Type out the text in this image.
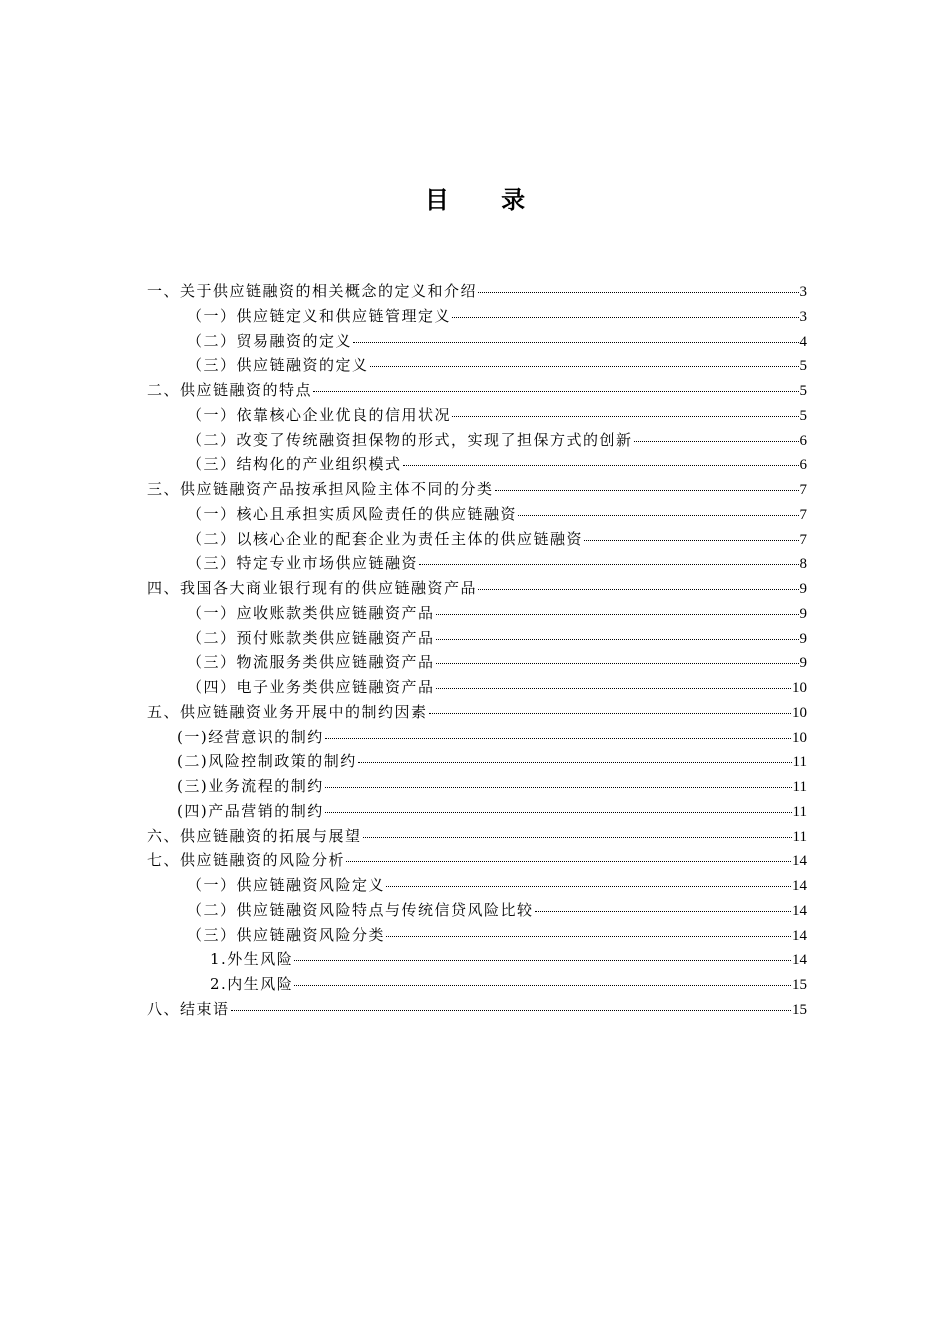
目 录
一、关于供应链融资的相关概念的定义和介绍	3
（一）供应链定义和供应链管理定义	3
（二）贸易融资的定义	4
（三）供应链融资的定义	5
二、供应链融资的特点	5
（一）依靠核心企业优良的信用状况	5
（二）改变了传统融资担保物的形式，实现了担保方式的创新	6
（三）结构化的产业组织模式	6
三、供应链融资产品按承担风险主体不同的分类	7
（一）核心且承担实质风险责任的供应链融资	7
（二）以核心企业的配套企业为责任主体的供应链融资	7
（三）特定专业市场供应链融资	8
四、我国各大商业银行现有的供应链融资产品	9
（一）应收账款类供应链融资产品	9
（二）预付账款类供应链融资产品	9
（三）物流服务类供应链融资产品	9
（四）电子业务类供应链融资产品	10
五、供应链融资业务开展中的制约因素	10
(一)经营意识的制约	10
(二)风险控制政策的制约	11
(三)业务流程的制约	11
(四)产品营销的制约	11
六、供应链融资的拓展与展望	11
七、供应链融资的风险分析	14
（一）供应链融资风险定义	14
（二）供应链融资风险特点与传统信贷风险比较	14
（三）供应链融资风险分类	14
1.外生风险	14
2.内生风险	15
八、结束语	15
